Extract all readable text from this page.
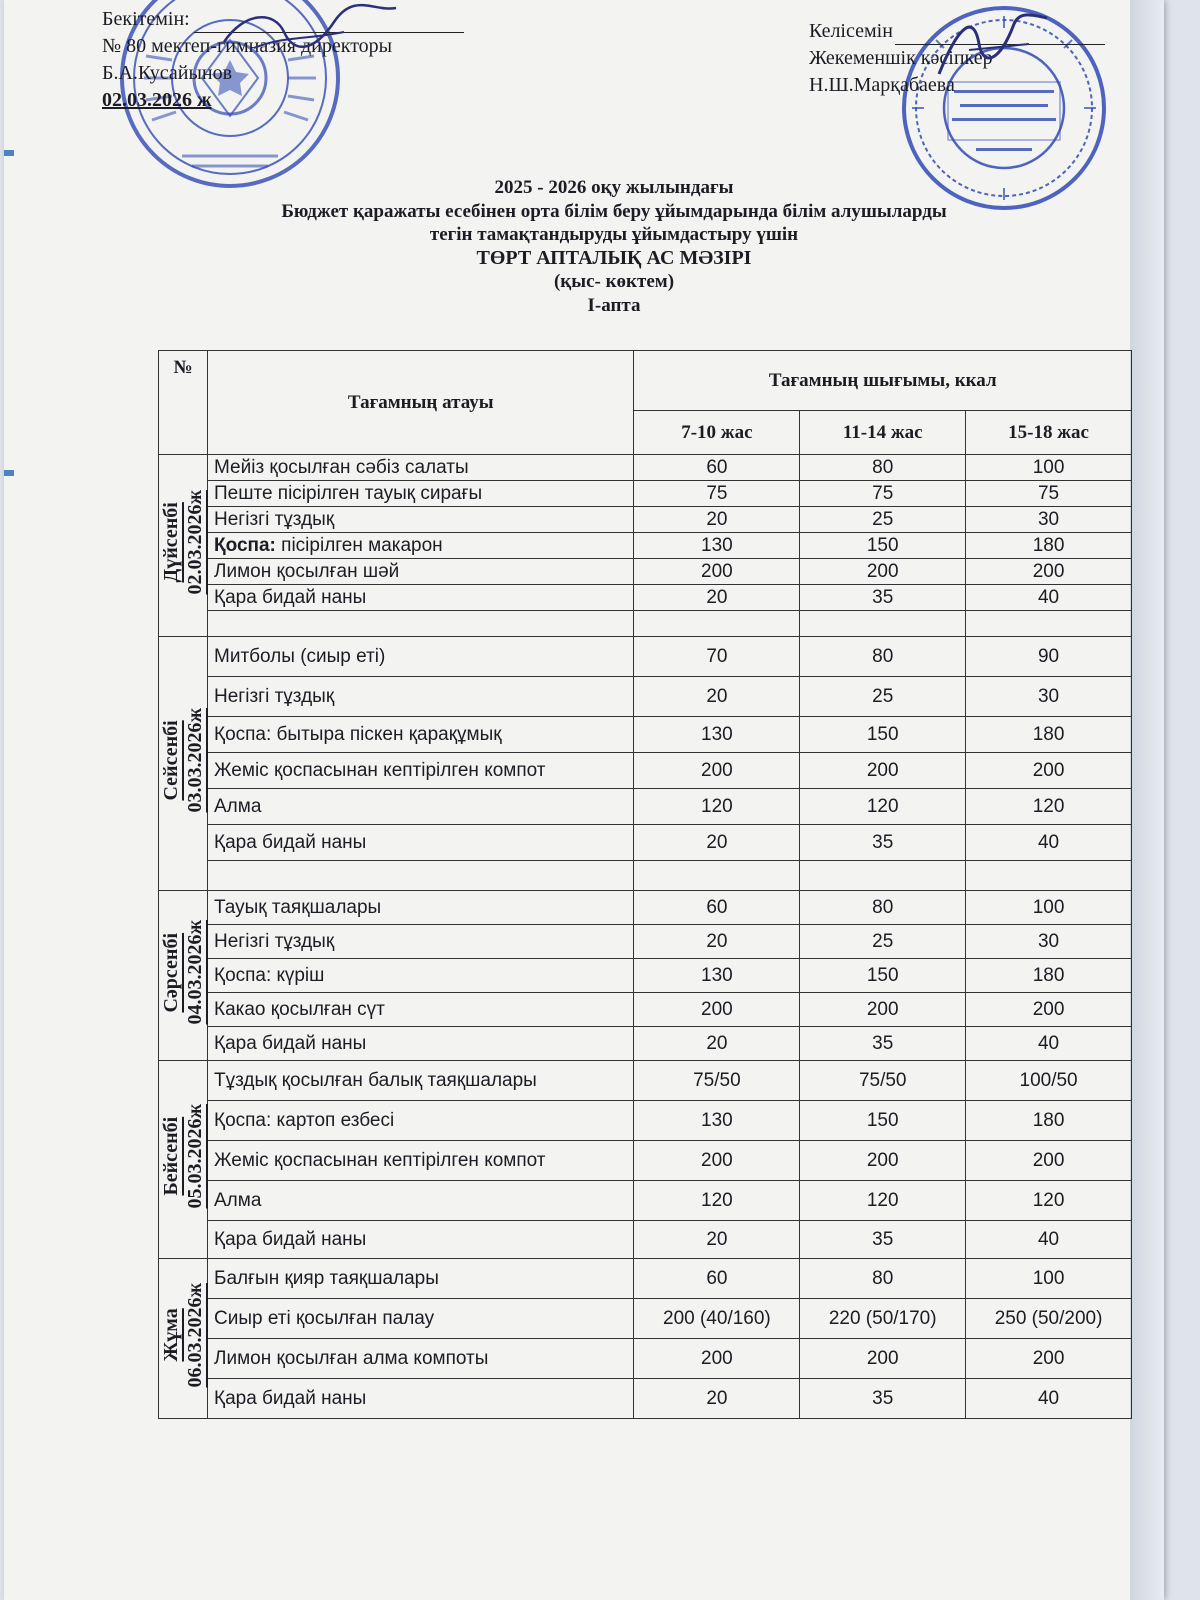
Бекітемін:
№ 80 мектеп-гимназия директоры
Б.А.Кусайынов
02.03.2026 ж
Келісемін
Жекеменшік кәсіпкер
Н.Ш.Марқабаева
2025 - 2026 оқу жылындағы
Бюджет қаражаты есебінен орта білім беру ұйымдарында білім алушыларды
тегін тамақтандыруды ұйымдастыру үшін
ТӨРТ АПТАЛЫҚ АС МӘЗІРІ
(қыс- көктем)
І-апта
№	Тағамның атауы	Тағамның шығымы, ккал		
		7-10 жас	11-14 жас	15-18 жас
Дүйсенбі 02.03.2026ж	Мейіз қосылған сәбіз салаты	60	80	100
	Пеште пісірілген тауық сирағы	75	75	75
	Негізгі тұздық	20	25	30
	Қоспа: пісірілген макарон	130	150	180
	Лимон қосылған шәй	200	200	200
	Қара бидай наны	20	35	40

Сейсенбі 03.03.2026ж	Митболы (сиыр еті)	70	80	90
	Негізгі тұздық	20	25	30
	Қоспа: бытыра піскен қарақұмық	130	150	180
	Жеміс қоспасынан кептірілген компот	200	200	200
	Алма	120	120	120
	Қара бидай наны	20	35	40

Сәрсенбі 04.03.2026ж	Тауық таяқшалары	60	80	100
	Негізгі тұздық	20	25	30
	Қоспа: күріш	130	150	180
	Какао қосылған сүт	200	200	200
	Қара бидай наны	20	35	40
Бейсенбі 05.03.2026ж	Тұздық қосылған балық таяқшалары	75/50	75/50	100/50
	Қоспа: картоп езбесі	130	150	180
	Жеміс қоспасынан кептірілген компот	200	200	200
	Алма	120	120	120
	Қара бидай наны	20	35	40
Жұма 06.03.2026ж	Балғын қияр таяқшалары	60	80	100
	Сиыр еті қосылған палау	200 (40/160)	220 (50/170)	250 (50/200)
	Лимон қосылған алма компоты	200	200	200
	Қара бидай наны	20	35	40
